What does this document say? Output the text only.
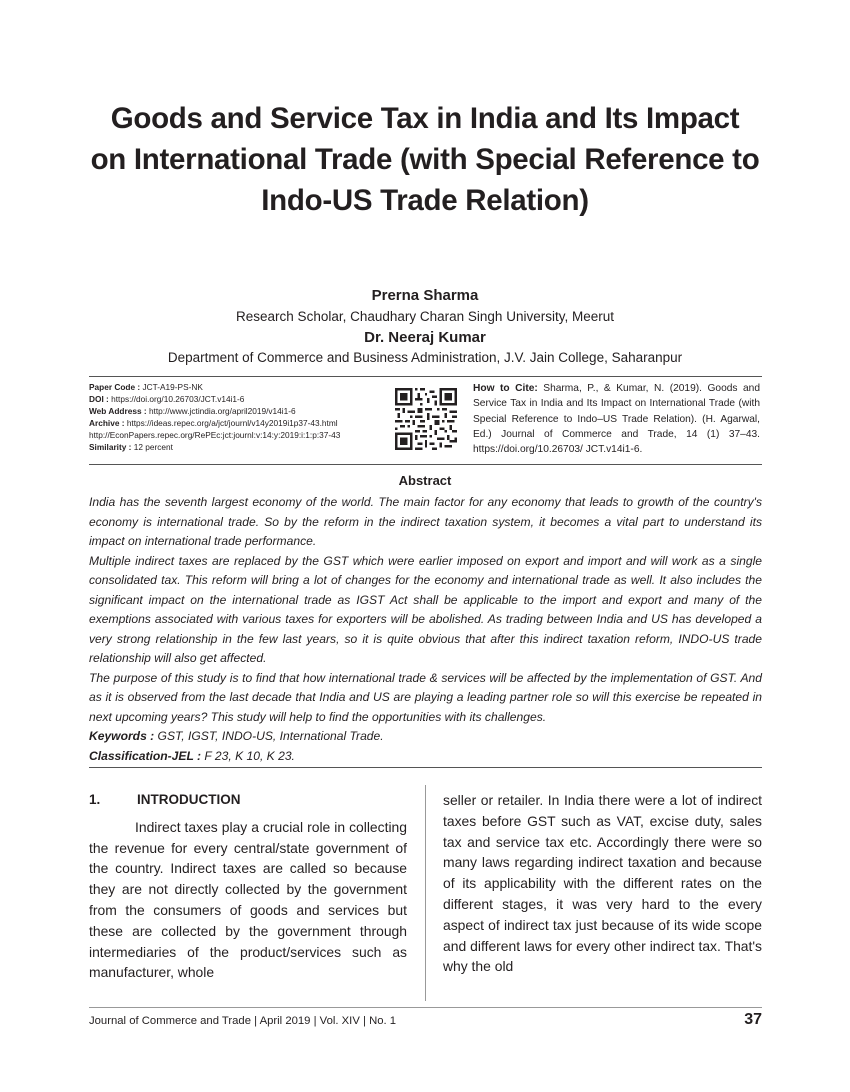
Goods and Service Tax in India and Its Impact
on International Trade (with Special Reference to
Indo-US Trade Relation)
Prerna Sharma
Research Scholar, Chaudhary Charan Singh University, Meerut
Dr. Neeraj Kumar
Department of Commerce and Business Administration, J.V. Jain College, Saharanpur
Paper Code : JCT-A19-PS-NK
DOI : https://doi.org/10.26703/JCT.v14i1-6
Web Address : http://www.jctindia.org/april2019/v14i1-6
Archive : https://ideas.repec.org/a/jct/journl/v14y2019i1p37-43.html
http://EconPapers.repec.org/RePEc:jct:journl:v:14:y:2019:i:1:p:37-43
Similarity : 12 percent
How to Cite: Sharma, P., & Kumar, N. (2019). Goods and Service Tax in India and Its Impact on International Trade (with Special Reference to Indo–US Trade Relation). (H. Agarwal, Ed.) Journal of Commerce and Trade, 14 (1) 37–43. https://doi.org/10.26703/ JCT.v14i1-6.
Abstract

India has the seventh largest economy of the world. The main factor for any economy that leads to growth of the country's economy is international trade. So by the reform in the indirect taxation system, it becomes a vital part to understand its impact on international trade performance.

Multiple indirect taxes are replaced by the GST which were earlier imposed on export and import and will work as a single consolidated tax. This reform will bring a lot of changes for the economy and international trade as well. It also includes the significant impact on the international trade as IGST Act shall be applicable to the import and export and many of the exemptions associated with various taxes for exporters will be abolished. As trading between India and US has developed a very strong relationship in the few last years, so it is quite obvious that after this indirect taxation reform, INDO-US trade relationship will also get affected.

The purpose of this study is to find that how international trade & services will be affected by the implementation of GST. And as it is observed from the last decade that India and US are playing a leading partner role so will this exercise be repeated in next upcoming years? This study will help to find the opportunities with its challenges.

Keywords : GST, IGST, INDO-US, International Trade.

Classification-JEL : F 23, K 10, K 23.

1.	INTRODUCTION

Indirect taxes play a crucial role in collecting the revenue for every central/state government of the country. Indirect taxes are called so because they are not directly collected by the government from the consumers of goods and services but these are collected by the government through intermediaries of the product/services such as manufacturer, whole

seller or retailer. In India there were a lot of indirect taxes before GST such as VAT, excise duty, sales tax and service tax etc. Accordingly there were so many laws regarding indirect taxation and because of its applicability with the different rates on the different stages, it was very hard to the every aspect of indirect tax just because of its wide scope and different laws for every other indirect tax. That's why the old

Journal of Commerce and Trade | April 2019 | Vol. XIV | No. 1	37
